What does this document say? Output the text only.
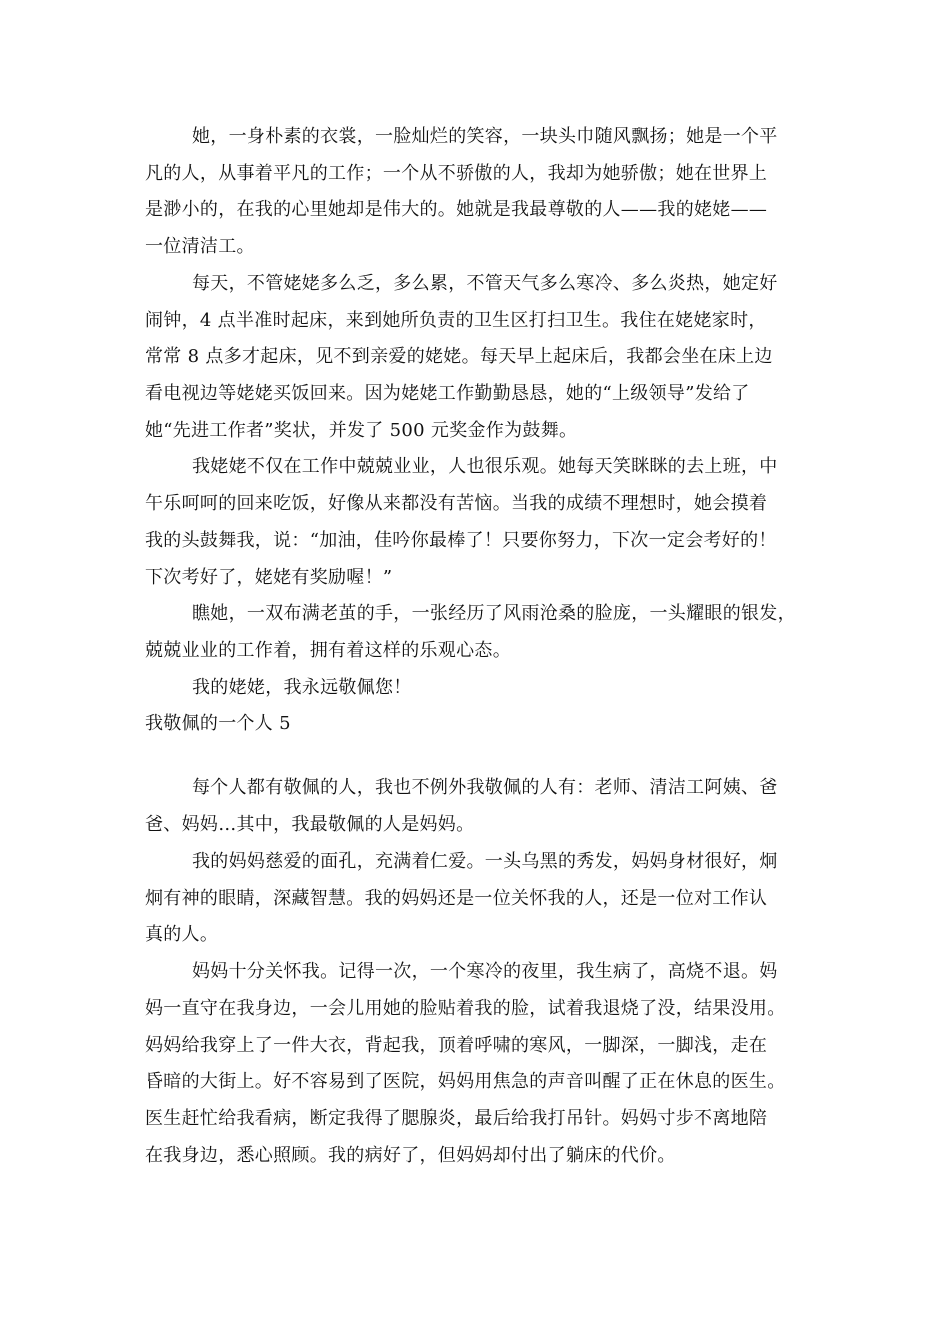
她，一身朴素的衣裳，一脸灿烂的笑容，一块头巾随风飘扬；她是一个平
凡的人，从事着平凡的工作；一个从不骄傲的人，我却为她骄傲；她在世界上
是渺小的，在我的心里她却是伟大的。她就是我最尊敬的人——我的姥姥——
一位清洁工。
每天，不管姥姥多么乏，多么累，不管天气多么寒冷、多么炎热，她定好
闹钟，4 点半准时起床，来到她所负责的卫生区打扫卫生。我住在姥姥家时，
常常 8 点多才起床，见不到亲爱的姥姥。每天早上起床后，我都会坐在床上边
看电视边等姥姥买饭回来。因为姥姥工作勤勤恳恳，她的“上级领导”发给了
她“先进工作者”奖状，并发了 500 元奖金作为鼓舞。
我姥姥不仅在工作中兢兢业业，人也很乐观。她每天笑眯眯的去上班，中
午乐呵呵的回来吃饭，好像从来都没有苦恼。当我的成绩不理想时，她会摸着
我的头鼓舞我，说：“加油，佳吟你最棒了！只要你努力，下次一定会考好的！
下次考好了，姥姥有奖励喔！”
瞧她，一双布满老茧的手，一张经历了风雨沧桑的脸庞，一头耀眼的银发，
兢兢业业的工作着，拥有着这样的乐观心态。
我的姥姥，我永远敬佩您！
我敬佩的一个人 5
每个人都有敬佩的人，我也不例外我敬佩的人有：老师、清洁工阿姨、爸
爸、妈妈…其中，我最敬佩的人是妈妈。
我的妈妈慈爱的面孔，充满着仁爱。一头乌黑的秀发，妈妈身材很好，炯
炯有神的眼睛，深藏智慧。我的妈妈还是一位关怀我的人，还是一位对工作认
真的人。
妈妈十分关怀我。记得一次，一个寒冷的夜里，我生病了，高烧不退。妈
妈一直守在我身边，一会儿用她的脸贴着我的脸，试着我退烧了没，结果没用。
妈妈给我穿上了一件大衣，背起我，顶着呼啸的寒风，一脚深，一脚浅，走在
昏暗的大街上。好不容易到了医院，妈妈用焦急的声音叫醒了正在休息的医生。
医生赶忙给我看病，断定我得了腮腺炎，最后给我打吊针。妈妈寸步不离地陪
在我身边，悉心照顾。我的病好了，但妈妈却付出了躺床的代价。
